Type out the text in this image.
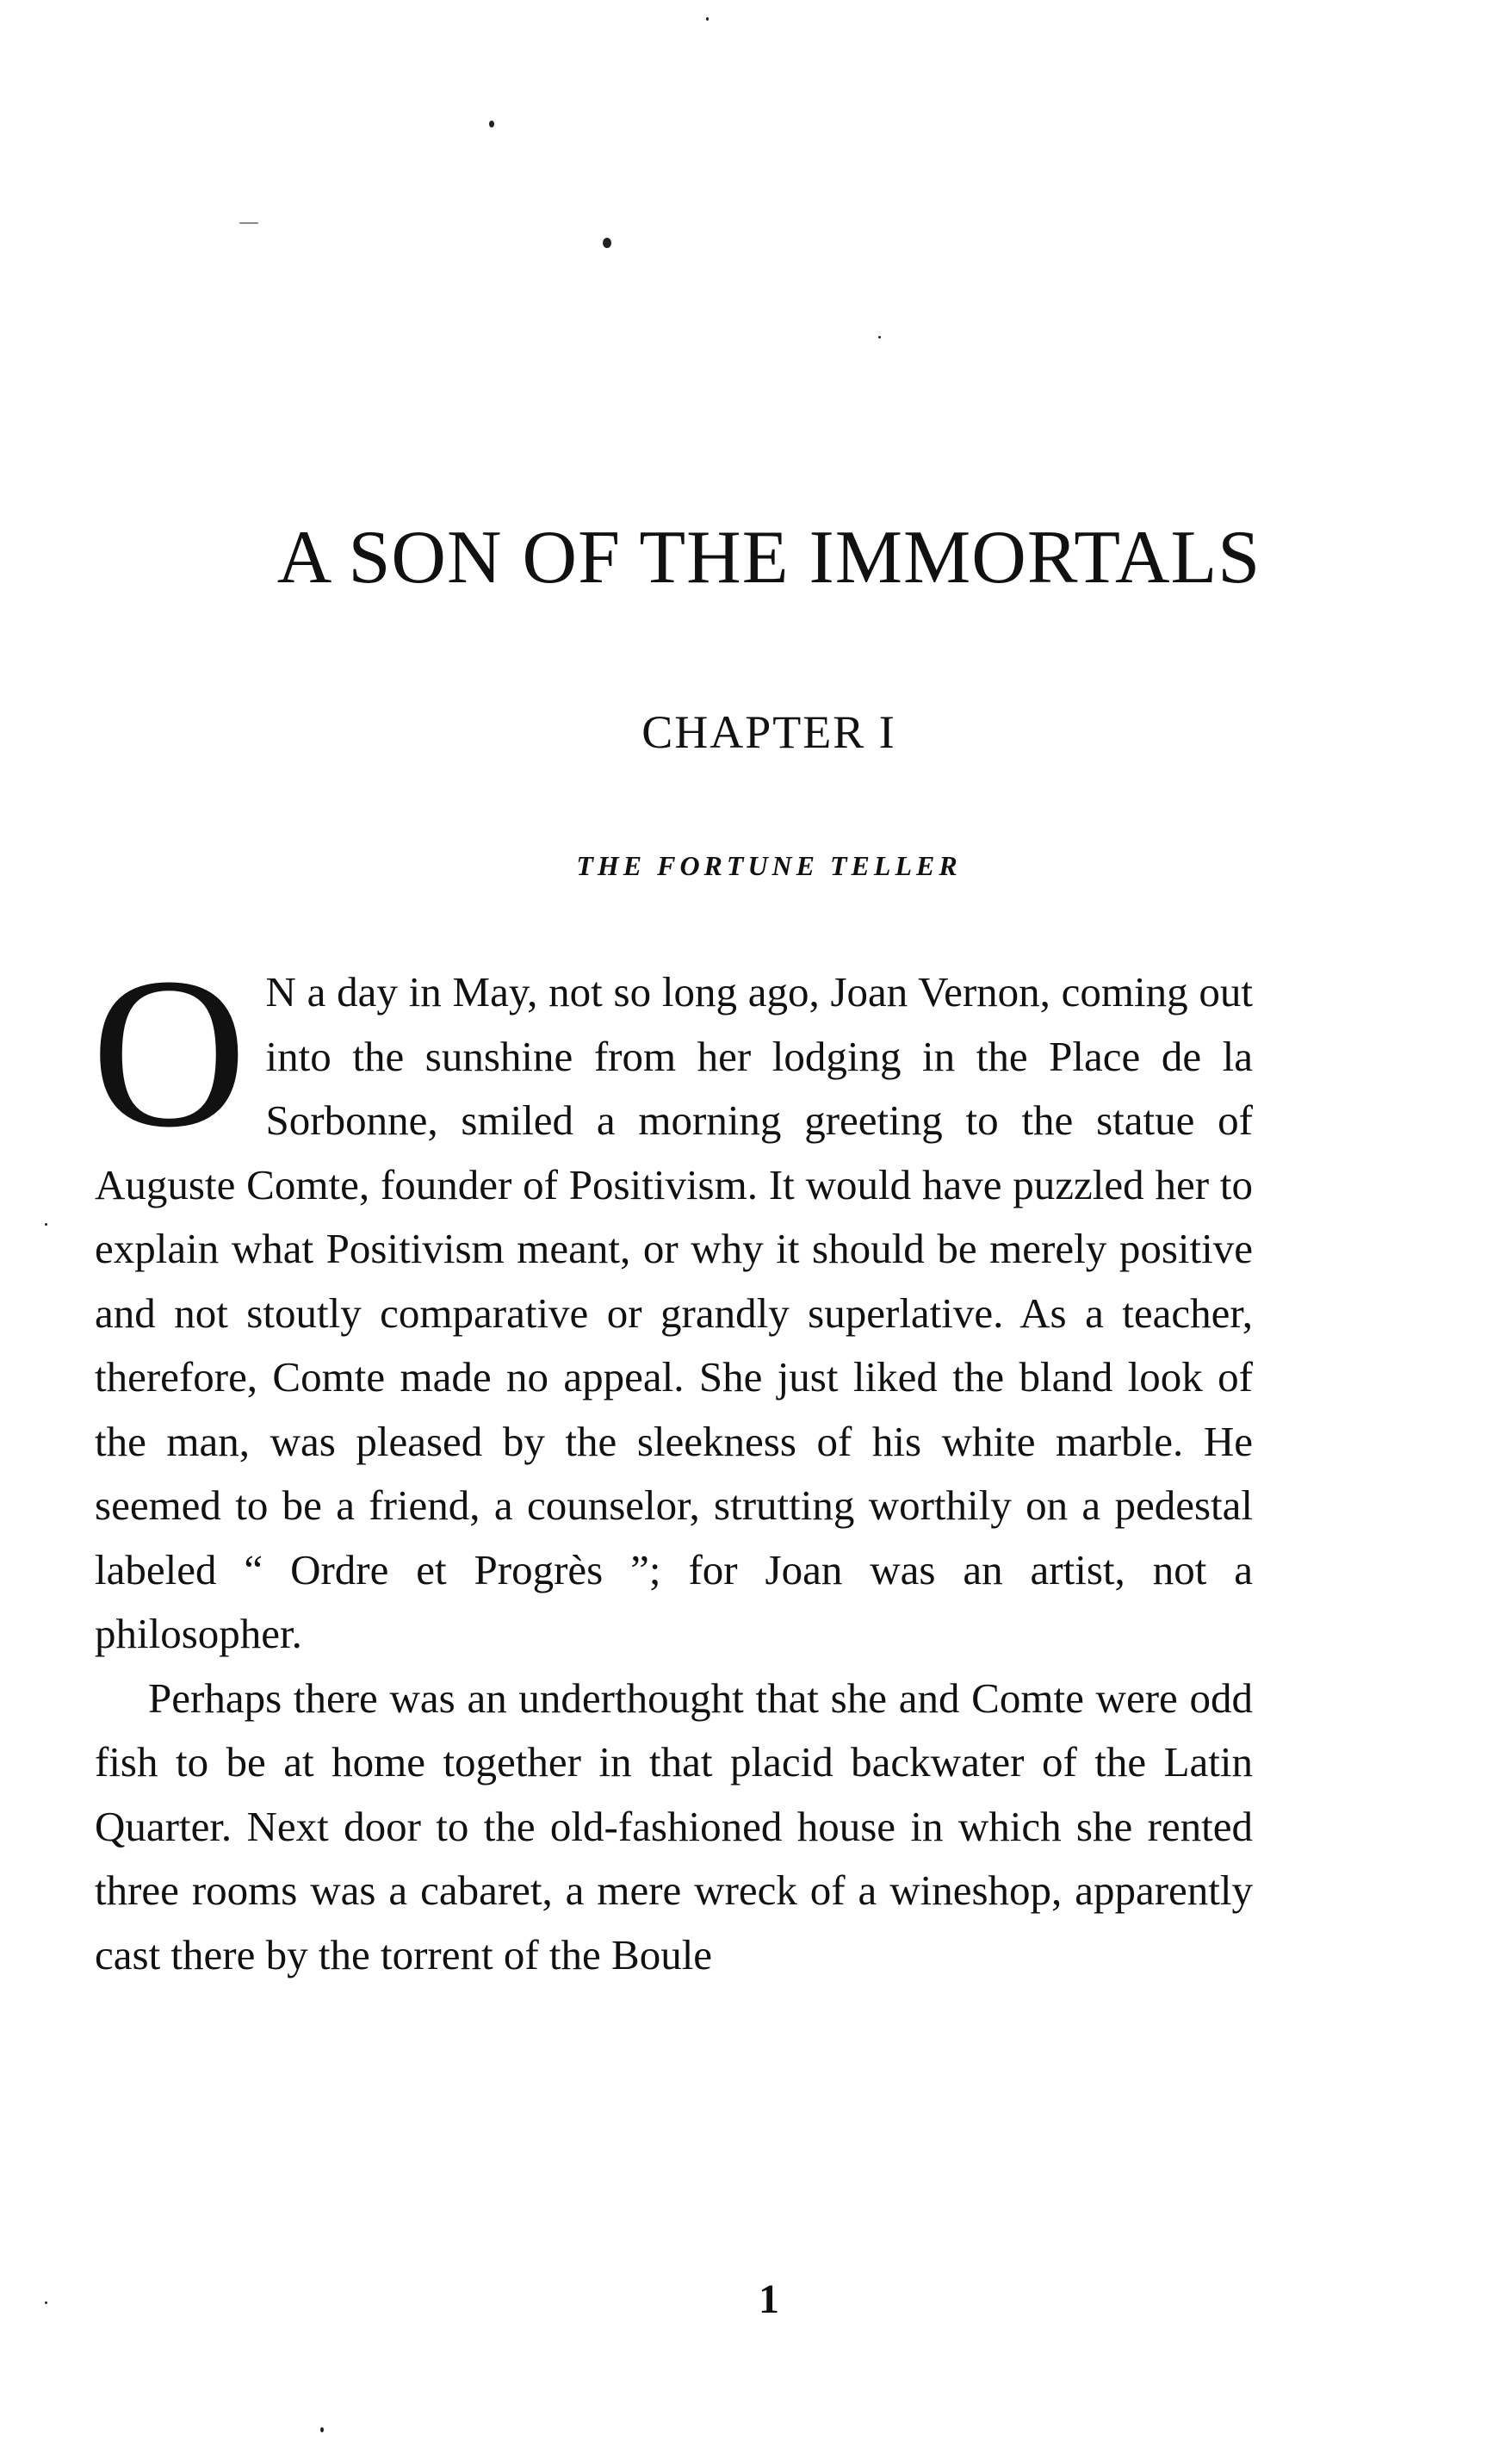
A SON OF THE IMMORTALS
CHAPTER I
THE FORTUNE TELLER

O N a day in May, not so long ago, Joan Vernon, coming out into the sunshine from her lodging in the Place de la Sorbonne, smiled a morning greeting to the statue of Auguste Comte, founder of Positivism. It would have puzzled her to explain what Positivism meant, or why it should be merely positive and not stoutly comparative or grandly superlative. As a teacher, therefore, Comte made no appeal. She just liked the bland look of the man, was pleased by the sleekness of his white marble. He seemed to be a friend, a counselor, strutting worthily on a pedestal labeled “ Ordre et Progrès ”; for Joan was an artist, not a philosopher.

Perhaps there was an underthought that she and Comte were odd fish to be at home together in that placid backwater of the Latin Quarter. Next door to the old-fashioned house in which she rented three rooms was a cabaret, a mere wreck of a wineshop, apparently cast there by the torrent of the Boule

1
